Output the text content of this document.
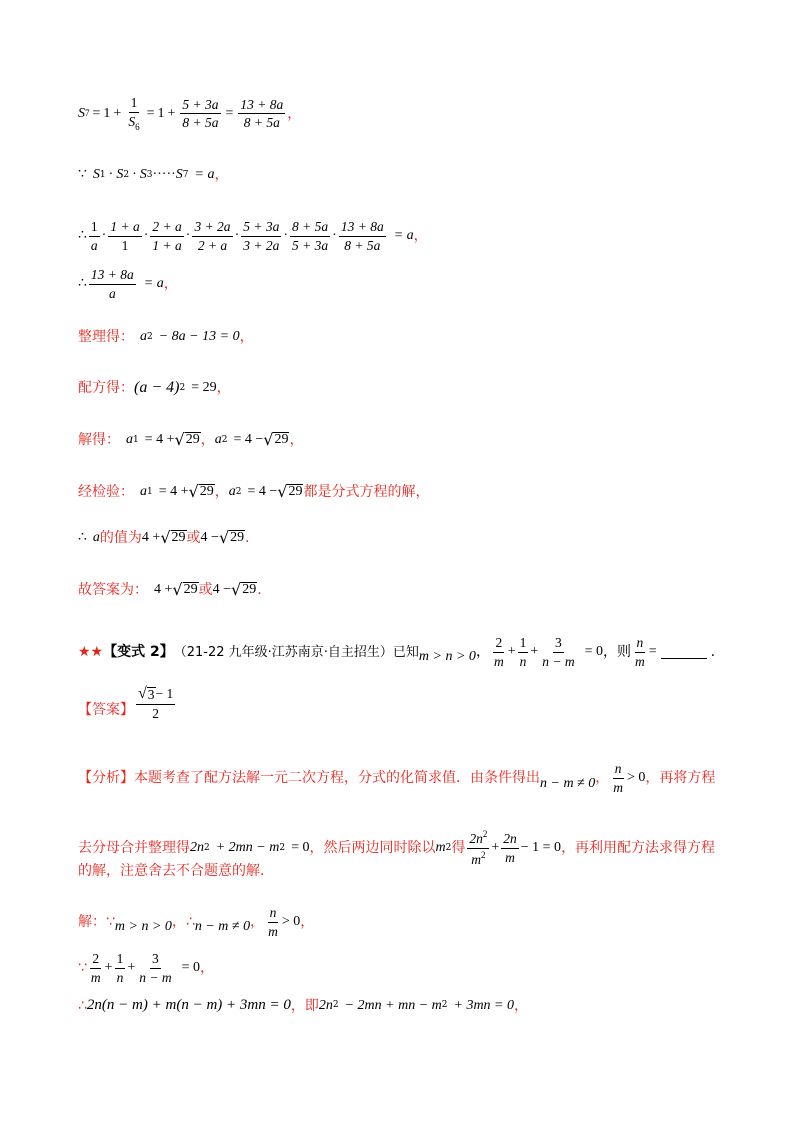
S $7 = 1 + \frac{1}{S_6} = 1 + \frac{5 + 3a}{8 + 5a} = \frac{13 + 8a}{8 + 5a}$ ，
∵ S 1 · S 2 · S 3 ····· S 7 = a ，
∴ $\frac{1}{a} \cdot \frac{1 + a}{1} \cdot \frac{2 + a}{1 + a} \cdot \frac{3 + 2a}{2 + a} \cdot \frac{5 + 3a}{3 + 2a} \cdot \frac{8 + 5a}{5 + 3a} \cdot \frac{13 + 8a}{8 + 5a} = a$ ，
∴ $\frac{13 + 8a}{a} = a$ ，
整理得： a 2 − 8a − 13 = 0 ，
配方得： (a − 4) 2 = 29 ，
解得： a 1 = 4 + √ 29 ， a 2 = 4 − √ 29 ，
经检验： a 1 = 4 + √ 29 ， a 2 = 4 − √ 29 都是分式方程的解，
∴ a 的值为 4 + √ 29 或 4 − √ 29 .
故答案为： 4 + √ 29 或 4 − √ 29 .
★★ 【变式 2】 （21-22 九年级·江苏南京·自主招生）已知 m > n > 0 ， $\frac{2}{m} + \frac{1}{n} + \frac{3}{n - m} = 0$ ， 则 $\frac{n}{m}$ =	.
【答案】 $\frac{√ 3 - 1}{2}$
【分析】本题考查了配方法解一元二次方程，分式的化简求值．由条件得出 n − m ≠ 0 ， $\frac{n}{m} > 0$ ，再将方程
去分母合并整理得 2n 2 + 2mn − m 2 = 0 ，然后两边同时除以 m 2 得 $\frac{2n^2}{m^2} + \frac{2n}{m} - 1 = 0$ ，再利用配方法求得方程
的解，注意舍去不合题意的解．
解： ∵ m > n > 0 ， ∴ n − m ≠ 0 ， $\frac{n}{m} > 0$ ，
∵ $\frac{2}{m} + \frac{1}{n} + \frac{3}{n - m} = 0$ ，
∴ 2n(n − m) + m(n − m) + 3mn = 0 ，即 2n 2 − 2mn + mn − m 2 + 3mn = 0 ，
